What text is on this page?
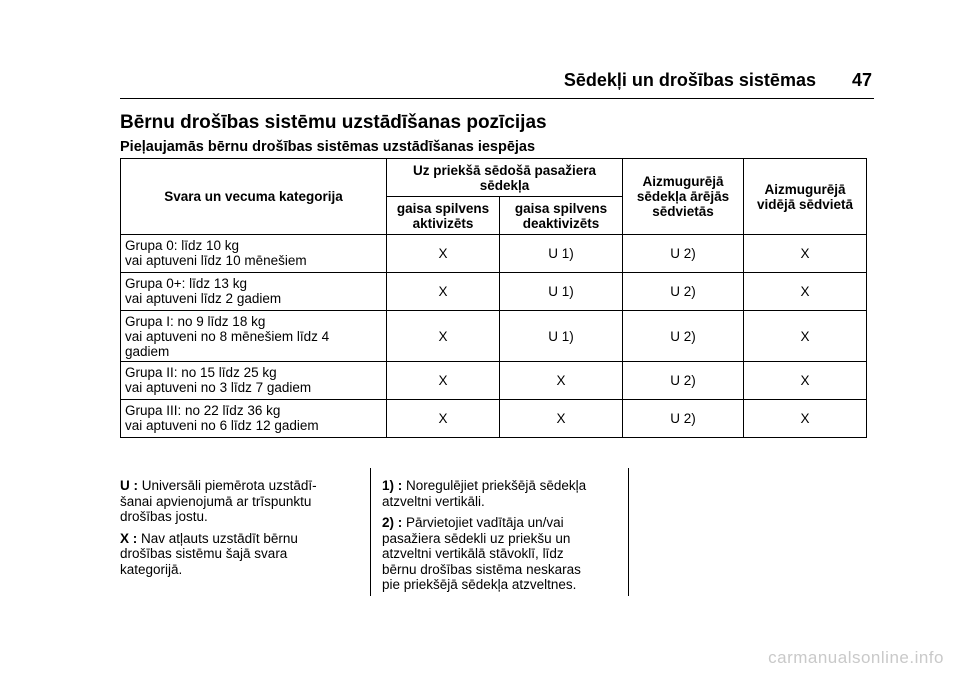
Sēdekļi un drošības sistēmas 47
Bērnu drošības sistēmu uzstādīšanas pozīcijas
Pieļaujamās bērnu drošības sistēmas uzstādīšanas iespējas
Svara un vecuma kategorija	Uz priekšā sēdošā pasažiera sēdekļa		Aizmugurējā sēdekļa ārējās sēdvietās	Aizmugurējā vidējā sēdvietā
	gaisa spilvens aktivizēts	gaisa spilvens deaktivizēts		
Grupa 0: līdz 10 kg
vai aptuveni līdz 10 mēnešiem	X	U 1)	U 2)	X
Grupa 0+: līdz 13 kg
vai aptuveni līdz 2 gadiem	X	U 1)	U 2)	X
Grupa I: no 9 līdz 18 kg
vai aptuveni no 8 mēnešiem līdz 4
gadiem	X	U 1)	U 2)	X
Grupa II: no 15 līdz 25 kg
vai aptuveni no 3 līdz 7 gadiem	X	X	U 2)	X
Grupa III: no 22 līdz 36 kg
vai aptuveni no 6 līdz 12 gadiem	X	X	U 2)	X

U : Universāli piemērota uzstādī-
šanai apvienojumā ar trīspunktu
drošības jostu.

X : Nav atļauts uzstādīt bērnu
drošības sistēmu šajā svara
kategorijā.

1) : Noregulējiet priekšējā sēdekļa
atzveltni vertikāli.

2) : Pārvietojiet vadītāja un/vai
pasažiera sēdekli uz priekšu un
atzveltni vertikālā stāvoklī, līdz
bērnu drošības sistēma neskaras
pie priekšējā sēdekļa atzveltnes.

carmanualsonline.info
